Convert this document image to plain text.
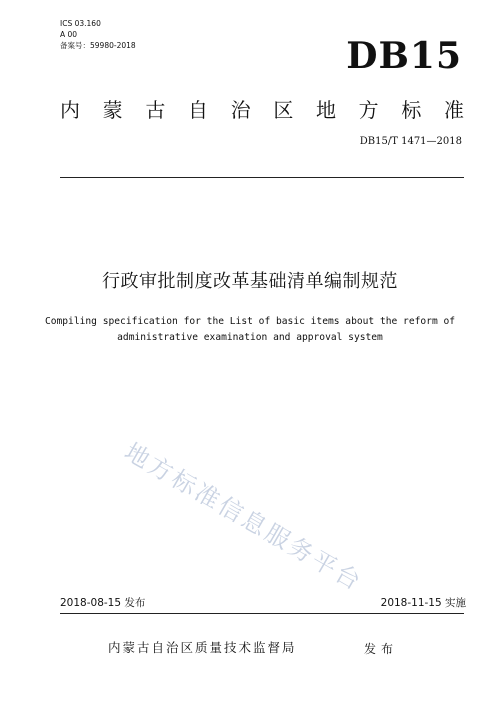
ICS 03.160
A 00
备案号：59980-2018	DB15
内蒙古自治区地方标准
DB15/T 1471—2018
行政审批制度改革基础清单编制规范
Compiling specification for the List of basic items about the reform of
administrative examination and approval system
地方标准信息服务平台
2018-08-15 发布	2018-11-15 实施
内蒙古自治区质量技术监督局	发布
